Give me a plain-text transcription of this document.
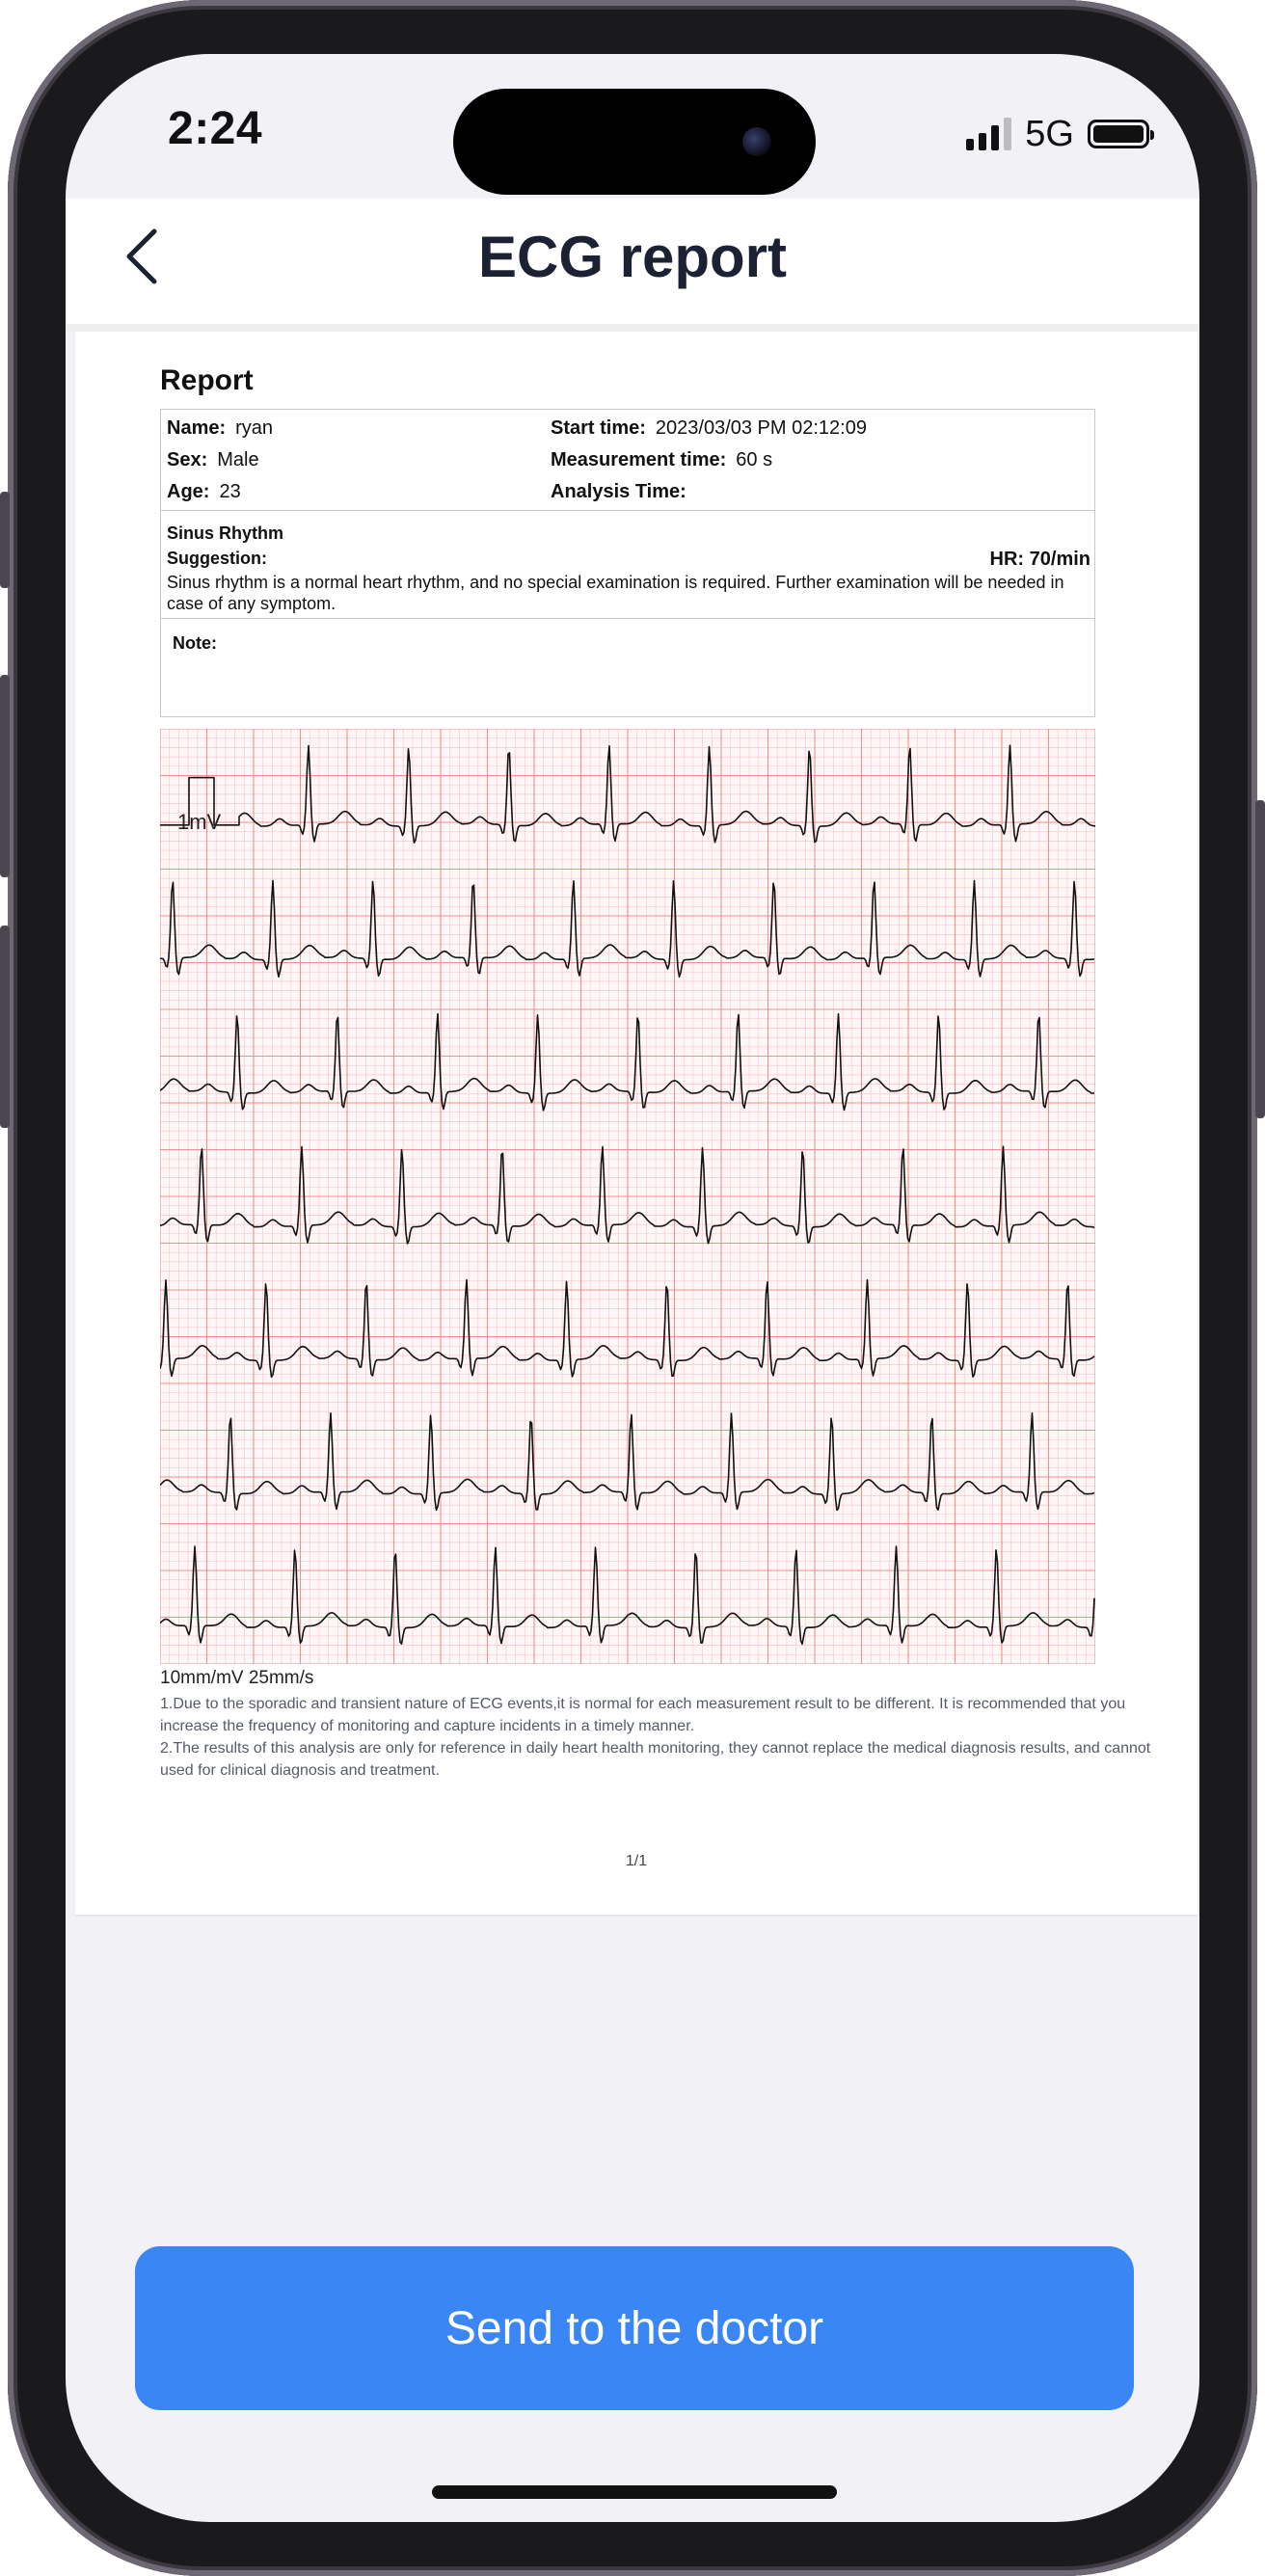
2:24	5G
ECG report
Report
Name: ryan
Sex: Male
Age: 23
Start time: 2023/03/03 PM 02:12:09
Measurement time: 60 s
Analysis Time:
Sinus Rhythm
Suggestion:	HR: 70/min
Sinus rhythm is a normal heart rhythm, and no special examination is required. Further examination will be needed in case of any symptom.
Note:
1mV
10mm/mV 25mm/s
1.Due to the sporadic and transient nature of ECG events,it is normal for each measurement result to be different. It is recommended that you increase the frequency of monitoring and capture incidents in a timely manner.
2.The results of this analysis are only for reference in daily heart health monitoring, they cannot replace the medical diagnosis results, and cannot used for clinical diagnosis and treatment.
1/1
Send to the doctor
